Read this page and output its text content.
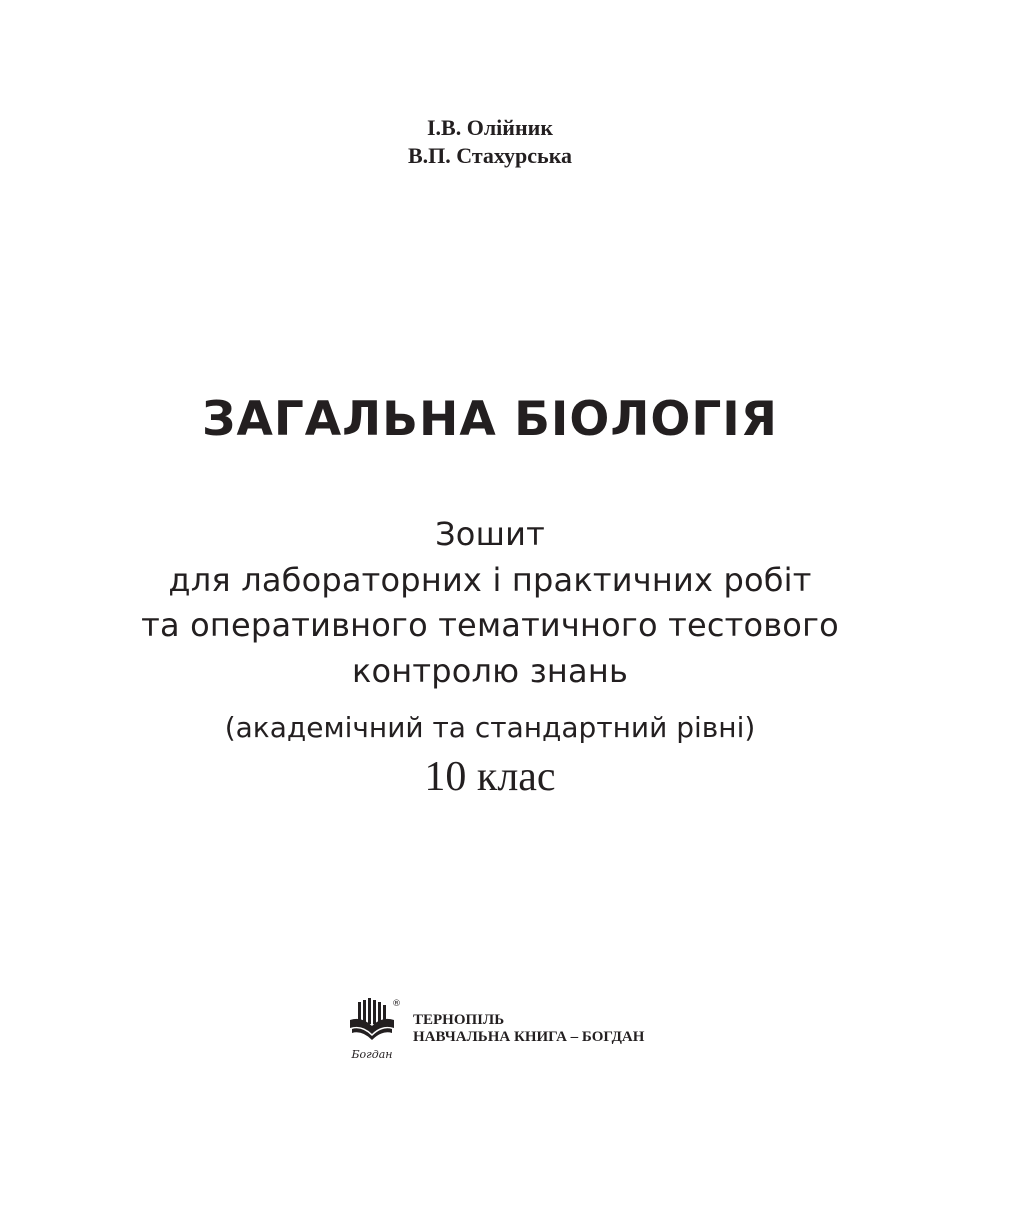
І.В. Олійник
В.П. Стахурська
ЗАГАЛЬНА БІОЛОГІЯ
Зошит
для лабораторних і практичних робіт
та оперативного тематичного тестового
контролю знань
(академічний та стандартний рівні)
10 клас
Богдан
®
ТЕРНОПІЛЬ
НАВЧАЛЬНА КНИГА – БОГДАН
